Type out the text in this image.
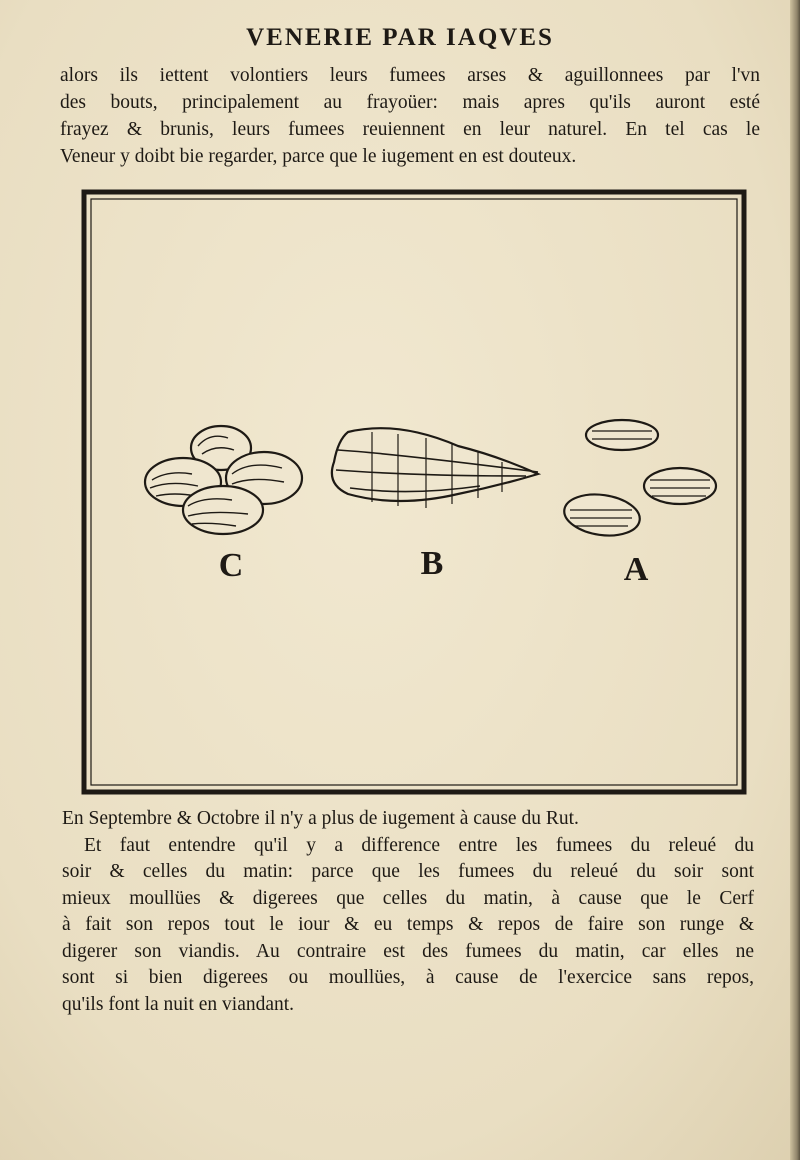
VENERIE PAR IAQVES
alors ils iettent volontiers leurs fumees arses & aguillonnees par l'vn
des bouts, principalement au frayoüer: mais apres qu'ils auront esté
frayez & brunis, leurs fumees reuiennent en leur naturel. En tel cas le
Veneur y doibt bie regarder, parce que le iugement en est douteux.
C	B	A
En Septembre & Octobre il n'y a plus de iugement à cause du Rut.
Et faut entendre qu'il y a difference entre les fumees du releué du
soir & celles du matin: parce que les fumees du releué du soir sont
mieux moullües & digerees que celles du matin, à cause que le Cerf
à fait son repos tout le iour & eu temps & repos de faire son runge &
digerer son viandis. Au contraire est des fumees du matin, car elles ne
sont si bien digerees ou moullües, à cause de l'exercice sans repos,
qu'ils font la nuit en viandant.
